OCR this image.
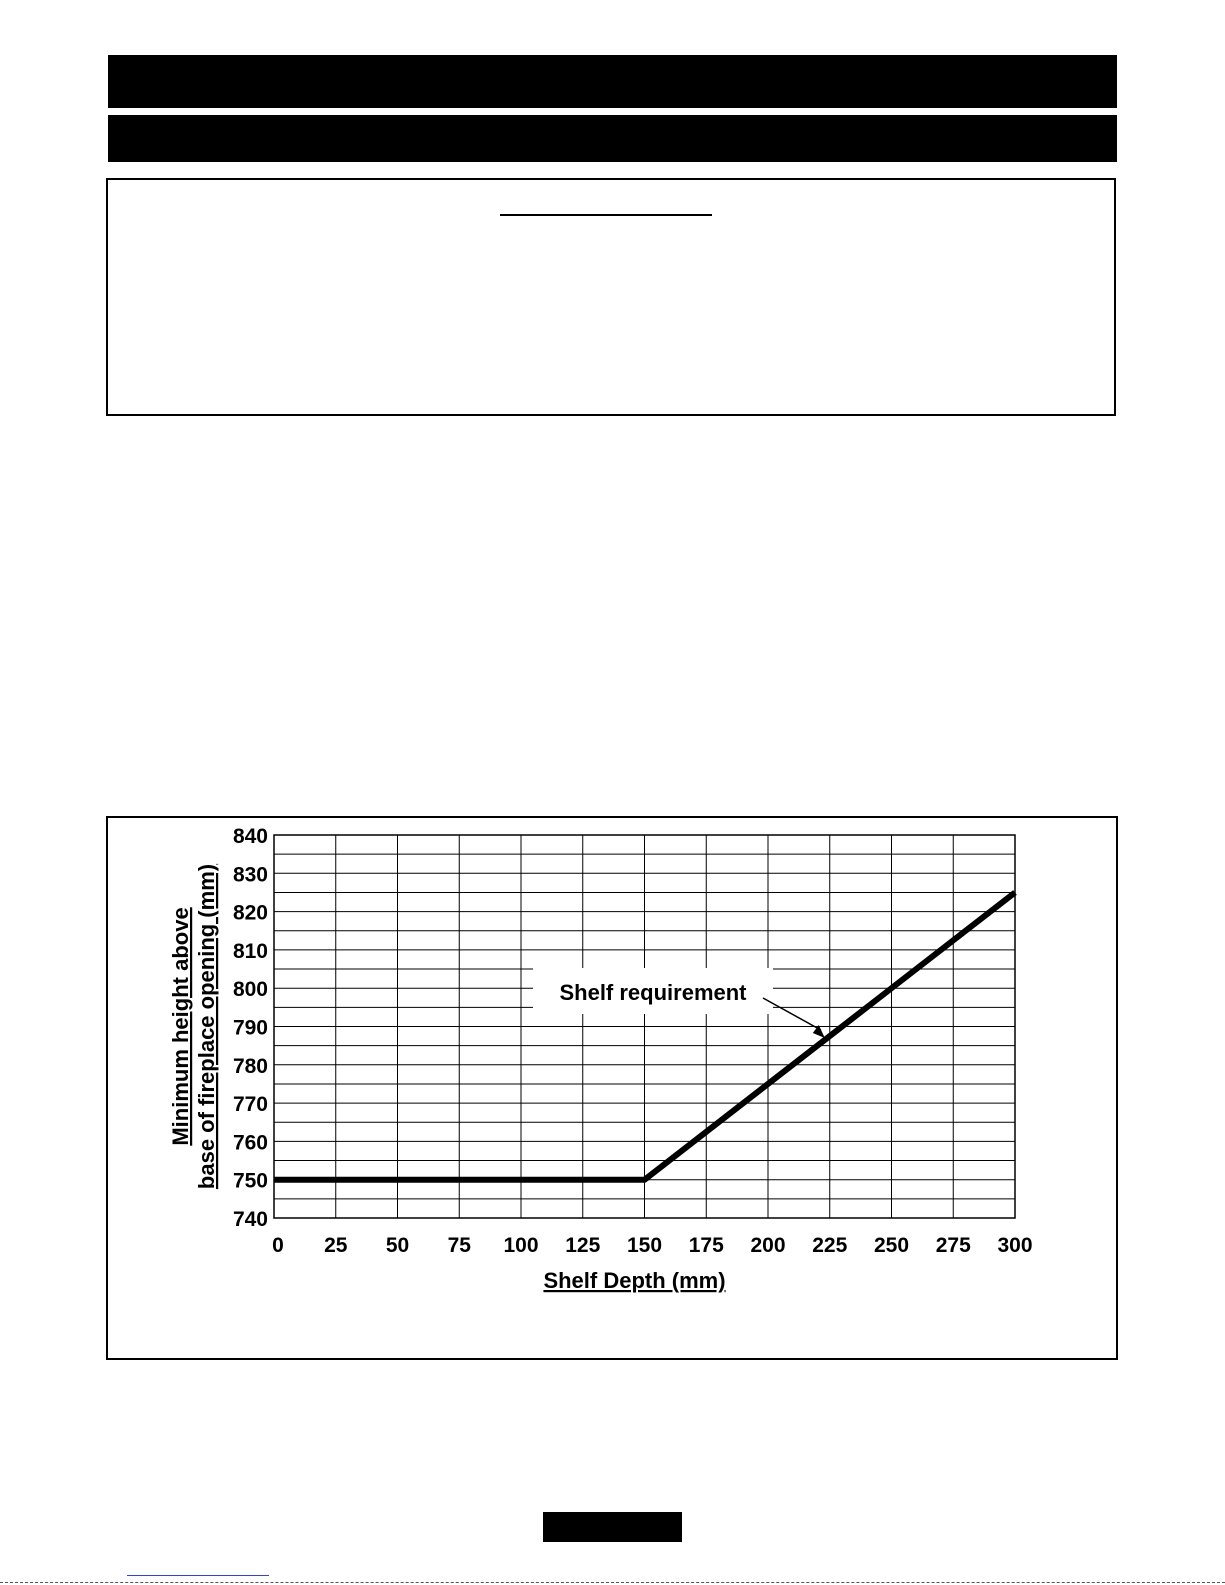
740
750
760
770
780
790
800
810
820
830
840
0 25 50 75 100 125 150 175 200 225 250 275 300
Shelf requirement
Shelf Depth (mm)
Minimum height above base of fireplace opening (mm)
